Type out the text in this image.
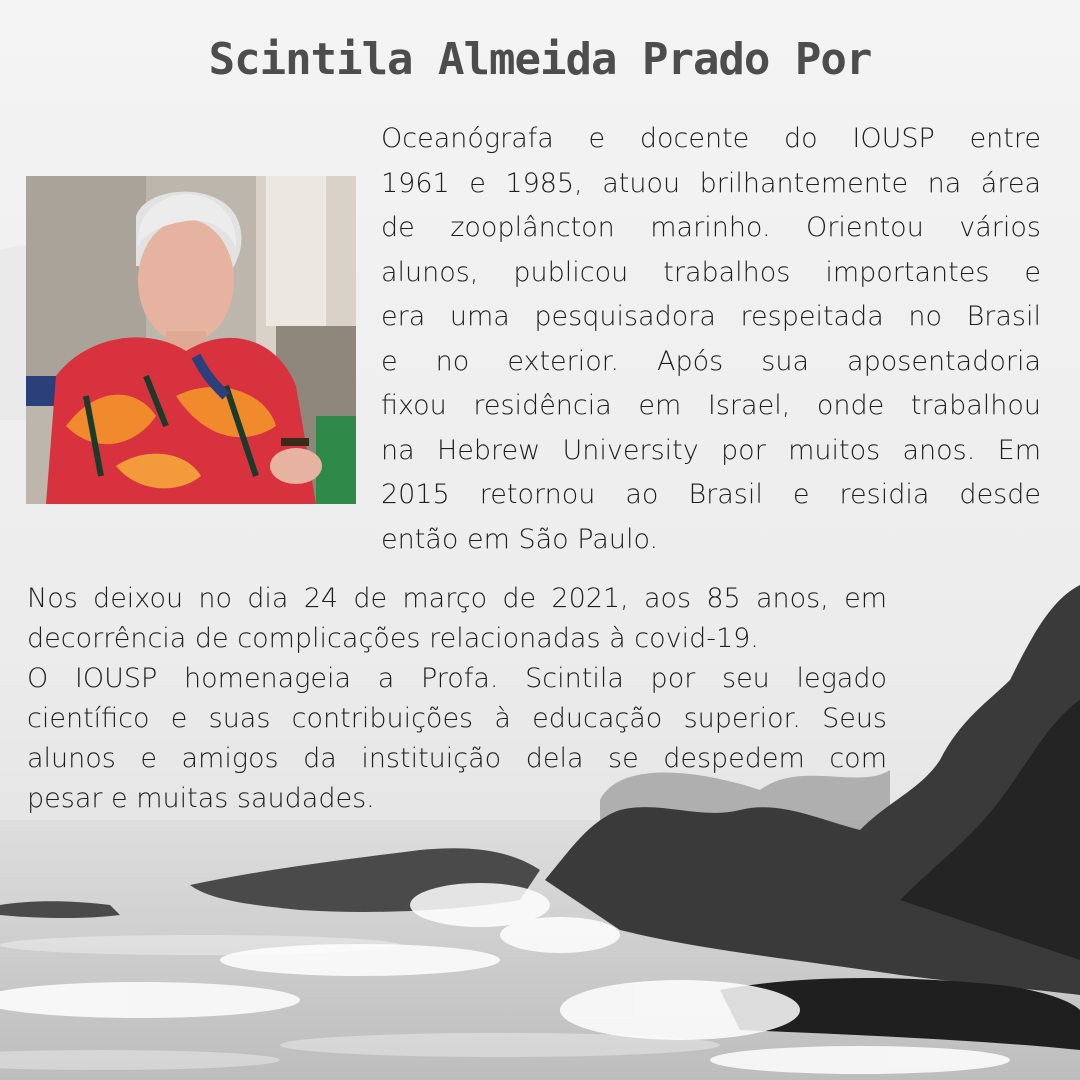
Scintila Almeida Prado Por
Oceanógrafa e docente do IOUSP entre
1961 e 1985, atuou brilhantemente na área
de zooplâncton marinho. Orientou vários
alunos, publicou trabalhos importantes e
era uma pesquisadora respeitada no Brasil
e no exterior. Após sua aposentadoria
fixou residência em Israel, onde trabalhou
na Hebrew University por muitos anos. Em
2015 retornou ao Brasil e residia desde
então em São Paulo.
Nos deixou no dia 24 de março de 2021, aos 85 anos, em
decorrência de complicações relacionadas à covid-19.
O IOUSP homenageia a Profa. Scintila por seu legado
científico e suas contribuições à educação superior. Seus
alunos e amigos da instituição dela se despedem com
pesar e muitas saudades.
